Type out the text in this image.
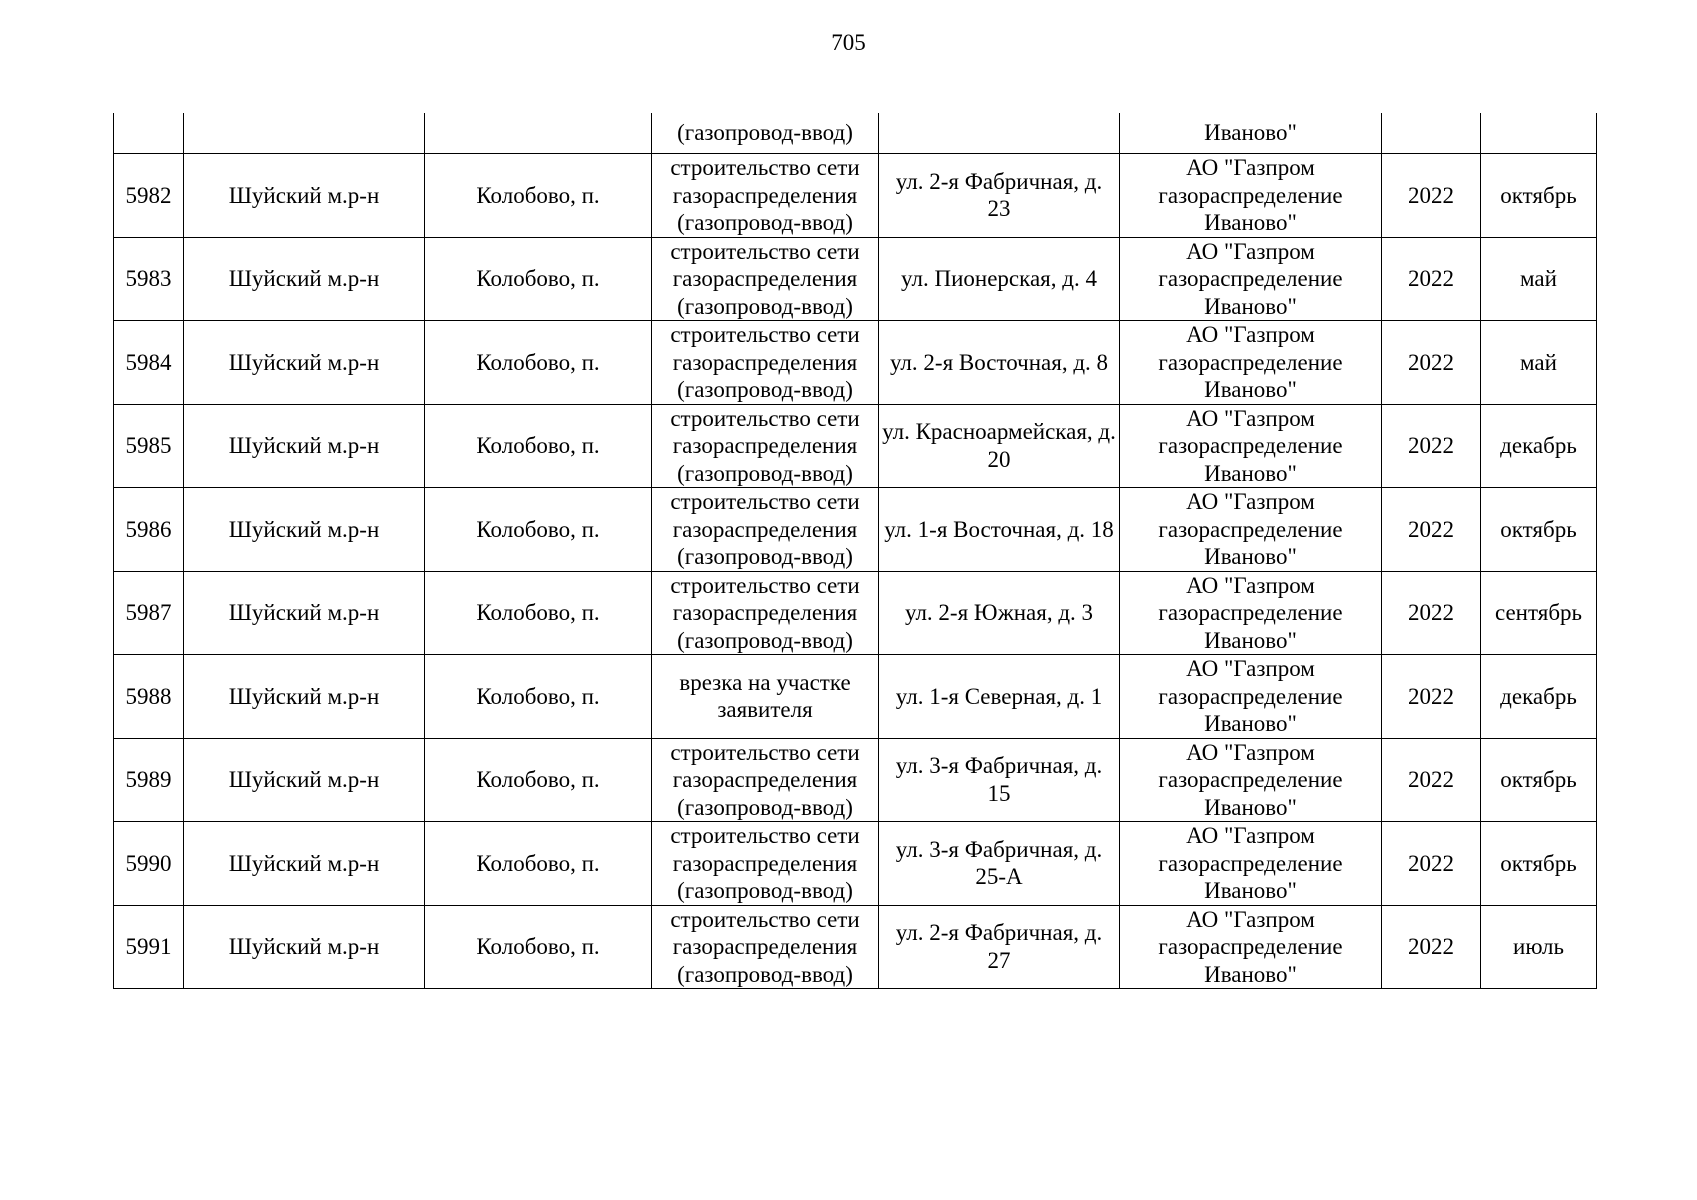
705
			(газопровод-ввод)		Иваново"		
5982	Шуйский м.р-н	Колобово, п.	строительство сети газораспределения (газопровод-ввод)	ул. 2-я Фабричная, д. 23	АО "Газпром газораспределение Иваново"	2022	октябрь
5983	Шуйский м.р-н	Колобово, п.	строительство сети газораспределения (газопровод-ввод)	ул. Пионерская, д. 4	АО "Газпром газораспределение Иваново"	2022	май
5984	Шуйский м.р-н	Колобово, п.	строительство сети газораспределения (газопровод-ввод)	ул. 2-я Восточная, д. 8	АО "Газпром газораспределение Иваново"	2022	май
5985	Шуйский м.р-н	Колобово, п.	строительство сети газораспределения (газопровод-ввод)	ул. Красноармейская, д. 20	АО "Газпром газораспределение Иваново"	2022	декабрь
5986	Шуйский м.р-н	Колобово, п.	строительство сети газораспределения (газопровод-ввод)	ул. 1-я Восточная, д. 18	АО "Газпром газораспределение Иваново"	2022	октябрь
5987	Шуйский м.р-н	Колобово, п.	строительство сети газораспределения (газопровод-ввод)	ул. 2-я Южная, д. 3	АО "Газпром газораспределение Иваново"	2022	сентябрь
5988	Шуйский м.р-н	Колобово, п.	врезка на участке заявителя	ул. 1-я Северная, д. 1	АО "Газпром газораспределение Иваново"	2022	декабрь
5989	Шуйский м.р-н	Колобово, п.	строительство сети газораспределения (газопровод-ввод)	ул. 3-я Фабричная, д. 15	АО "Газпром газораспределение Иваново"	2022	октябрь
5990	Шуйский м.р-н	Колобово, п.	строительство сети газораспределения (газопровод-ввод)	ул. 3-я Фабричная, д. 25-А	АО "Газпром газораспределение Иваново"	2022	октябрь
5991	Шуйский м.р-н	Колобово, п.	строительство сети газораспределения (газопровод-ввод)	ул. 2-я Фабричная, д. 27	АО "Газпром газораспределение Иваново"	2022	июль
